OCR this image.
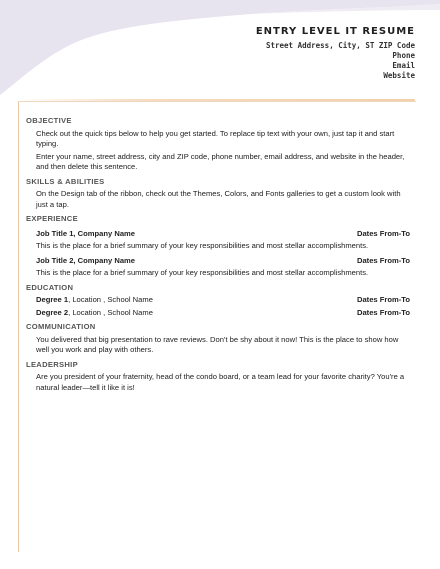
ENTRY LEVEL IT RESUME
Street Address, City, ST ZIP Code
Phone
Email
Website
OBJECTIVE
Check out the quick tips below to help you get started. To replace tip text with your own, just tap it and start typing.
Enter your name, street address, city and ZIP code, phone number, email address, and website in the header, and then delete this sentence.
SKILLS & ABILITIES
On the Design tab of the ribbon, check out the Themes, Colors, and Fonts galleries to get a custom look with just a tap.
EXPERIENCE
Job Title 1, Company Name	Dates From-To
This is the place for a brief summary of your key responsibilities and most stellar accomplishments.
Job Title 2, Company Name	Dates From-To
This is the place for a brief summary of your key responsibilities and most stellar accomplishments.
EDUCATION
Degree 1, Location , School Name	Dates From-To
Degree 2, Location , School Name	Dates From-To
COMMUNICATION
You delivered that big presentation to rave reviews. Don't be shy about it now! This is the place to show how well you work and play with others.
LEADERSHIP
Are you president of your fraternity, head of the condo board, or a team lead for your favorite charity? You're a natural leader—tell it like it is!
